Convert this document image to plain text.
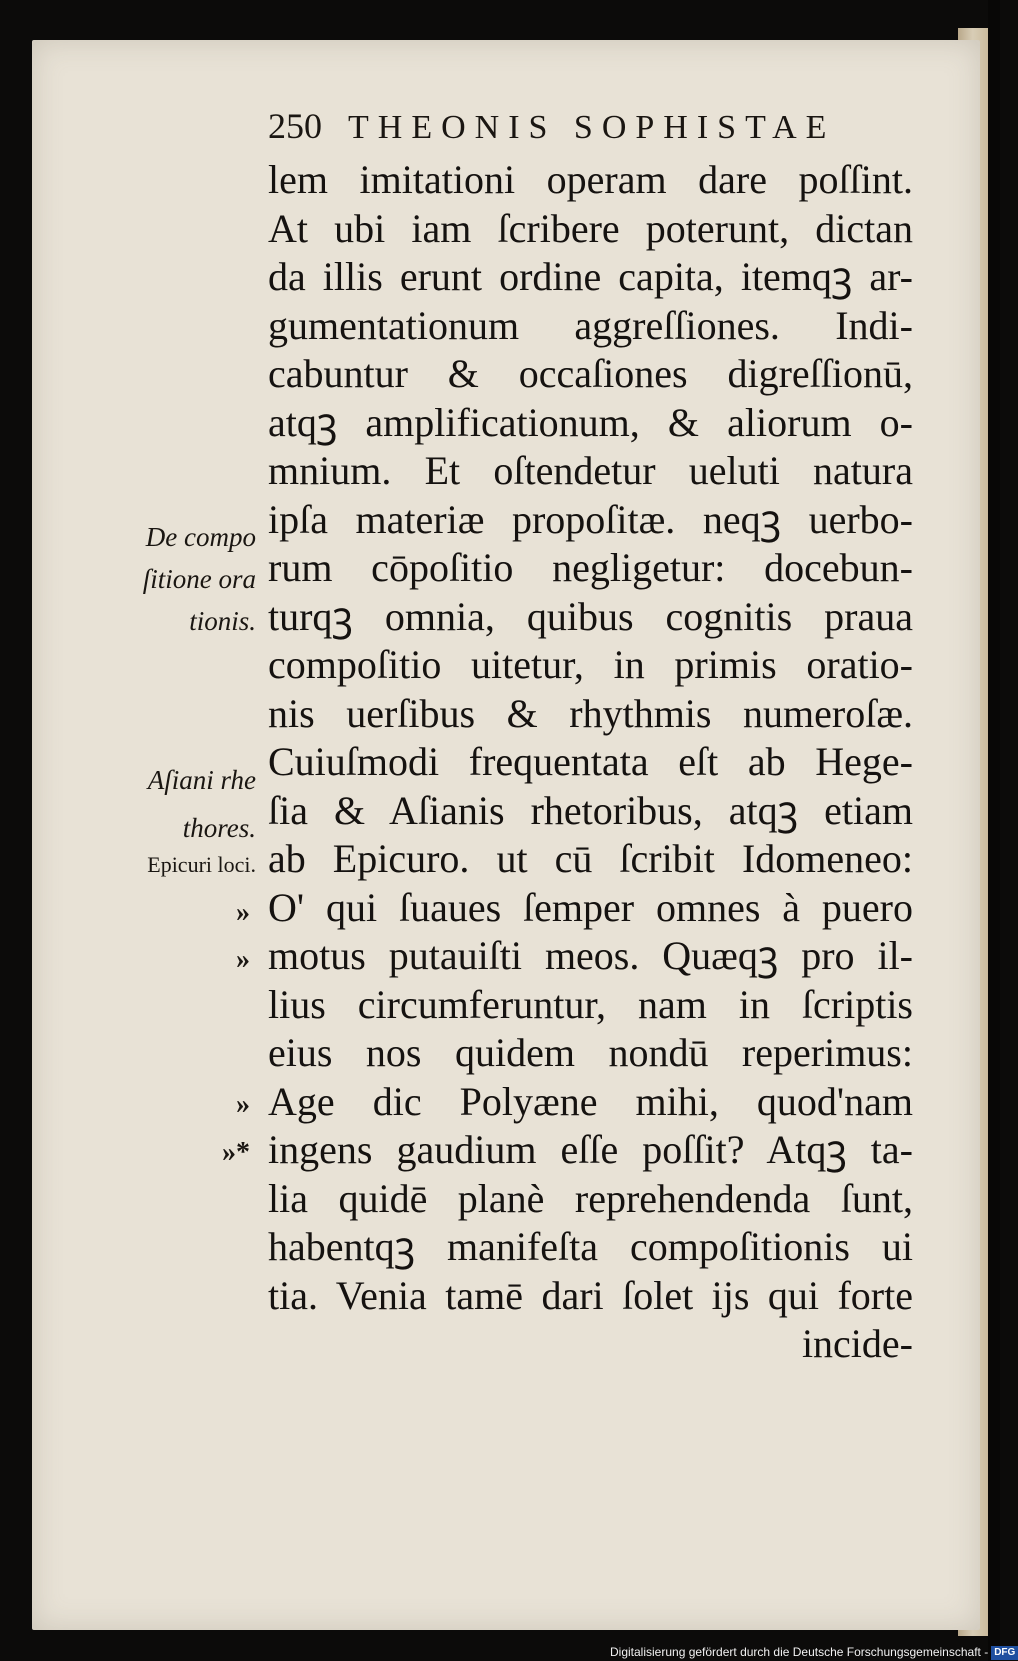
250 THEONIS SOPHISTAE
lem imitationi operam dare poſſint.
At ubi iam ſcribere poterunt, dictan
da illis erunt ordine capita, itemqꝫ ar-
gumentationum aggreſſiones. Indi-
cabuntur & occaſiones digreſſionū,
atqꝫ amplificationum, & aliorum o-
mnium. Et oſtendetur ueluti natura
ipſa materiæ propoſitæ. neqꝫ uerbo-
rum cōpoſitio negligetur: docebun-
turqꝫ omnia, quibus cognitis praua
compoſitio uitetur, in primis oratio-
nis uerſibus & rhythmis numeroſæ.
Cuiuſmodi frequentata eſt ab Hege-
ſia & Aſianis rhetoribus, atqꝫ etiam
ab Epicuro. ut cū ſcribit Idomeneo:
O' qui ſuaues ſemper omnes à puero
motus putauiſti meos. Quæqꝫ pro il-
lius circumferuntur, nam in ſcriptis
eius nos quidem nondū reperimus:
Age dic Polyæne mihi, quod'nam
ingens gaudium eſſe poſſit? Atqꝫ ta-
lia quidē planè reprehendenda ſunt,
habentqꝫ manifeſta compoſitionis ui
tia. Venia tamē dari ſolet ijs qui forte
incide-
De compo
ſitione ora
tionis.
Aſiani rhe
thores.
Epicuri loci.
»
»
»
»*
Digitalisierung gefördert durch die Deutsche Forschungsgemeinschaft - DFG
